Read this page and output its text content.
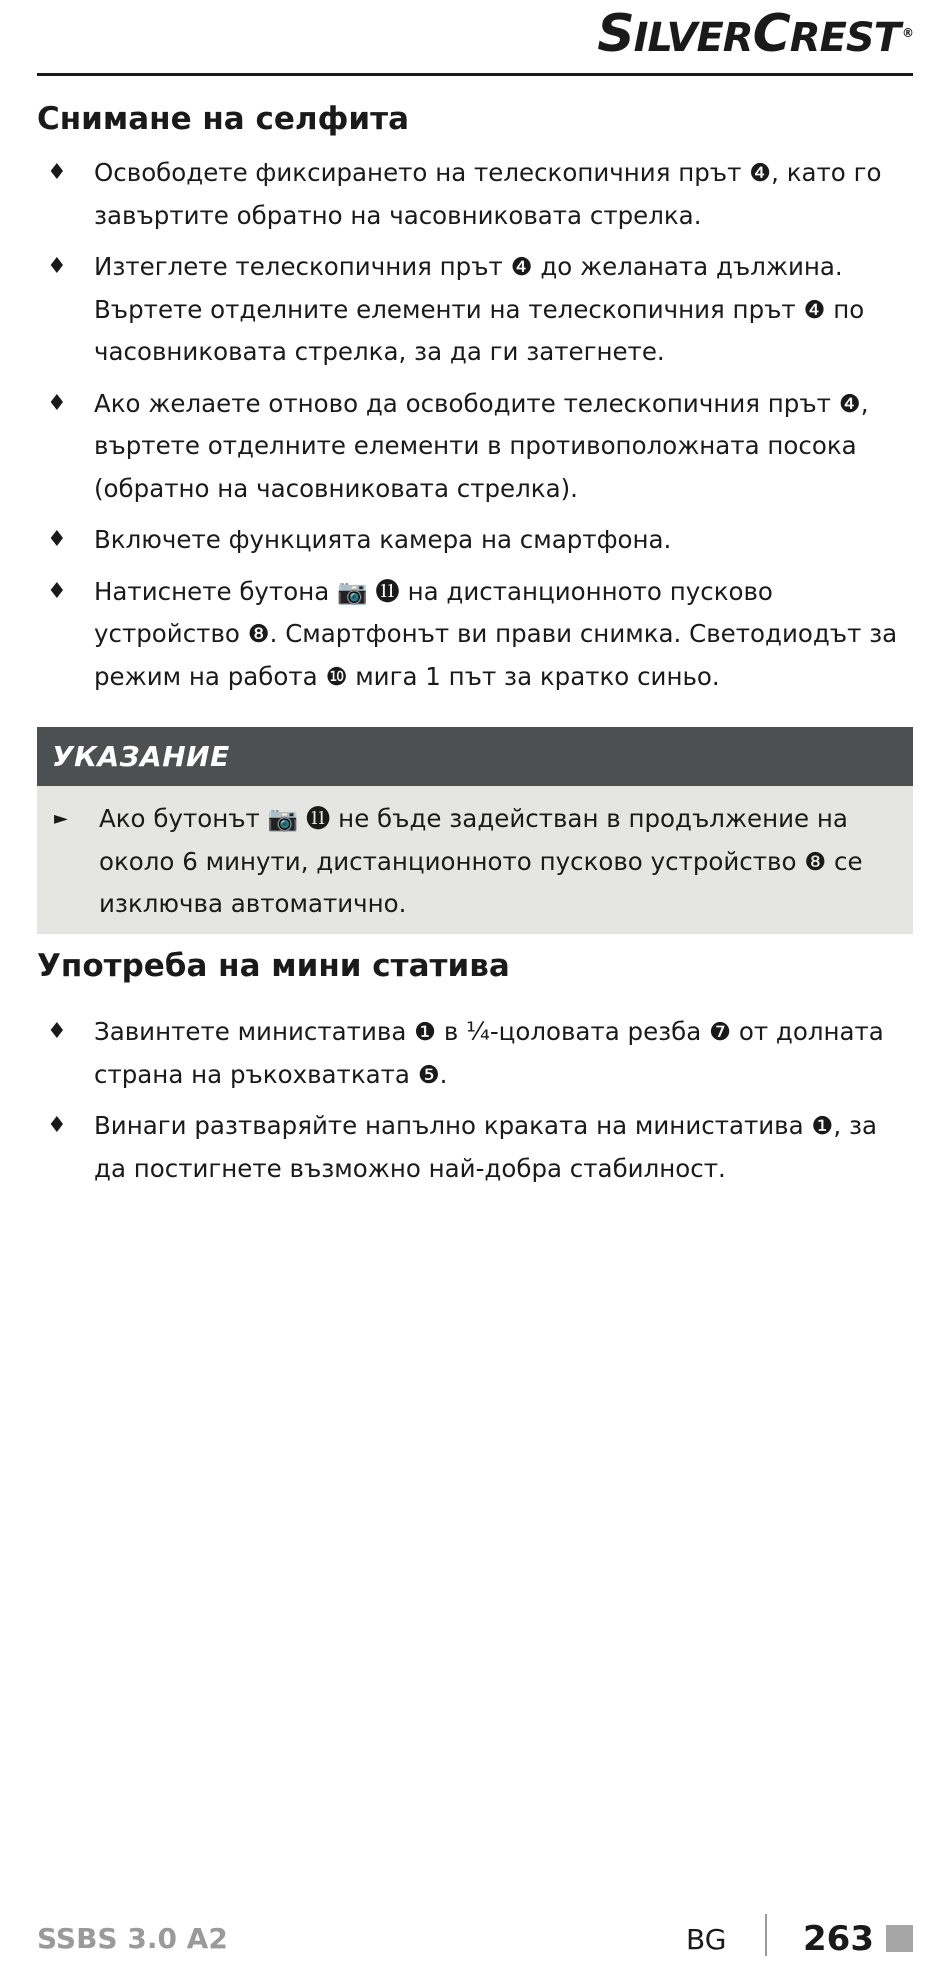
SILVERCREST ®
Снимане на селфита
♦ Освободете фиксирането на телескопичния прът ❹, като го завъртите обратно на часовниковата стрелка.
♦ Изтеглете телескопичния прът ❹ до желаната дължина. Въртете отделните елементи на телескопичния прът ❹ по часовниковата стрелка, за да ги затегнете.
♦ Ако желаете отново да освободите телескопичния прът ❹, въртете отделните елементи в противоположната посока (обратно на часовниковата стрелка).
♦ Включете функцията камера на смартфона.
♦ Натиснете бутона 📷 ⓫ на дистанционното пусково устройство ❽. Смартфонът ви прави снимка. Светодиодът за режим на работа ❿ мига 1 път за кратко синьо.
УКАЗАНИЕ
► Ако бутонът 📷 ⓫ не бъде задействан в продължение на около 6 минути, дистанционното пусково устройство ❽ се изключва автоматично.
Употреба на мини статива
♦ Завинтете министатива ❶ в ¼-цоловата резба ❼ от долната страна на ръкохватката ❺.
♦ Винаги разтваряйте напълно краката на министатива ❶, за да постигнете възможно най-добра стабилност.
SSBS 3.0 A2	BG 263
